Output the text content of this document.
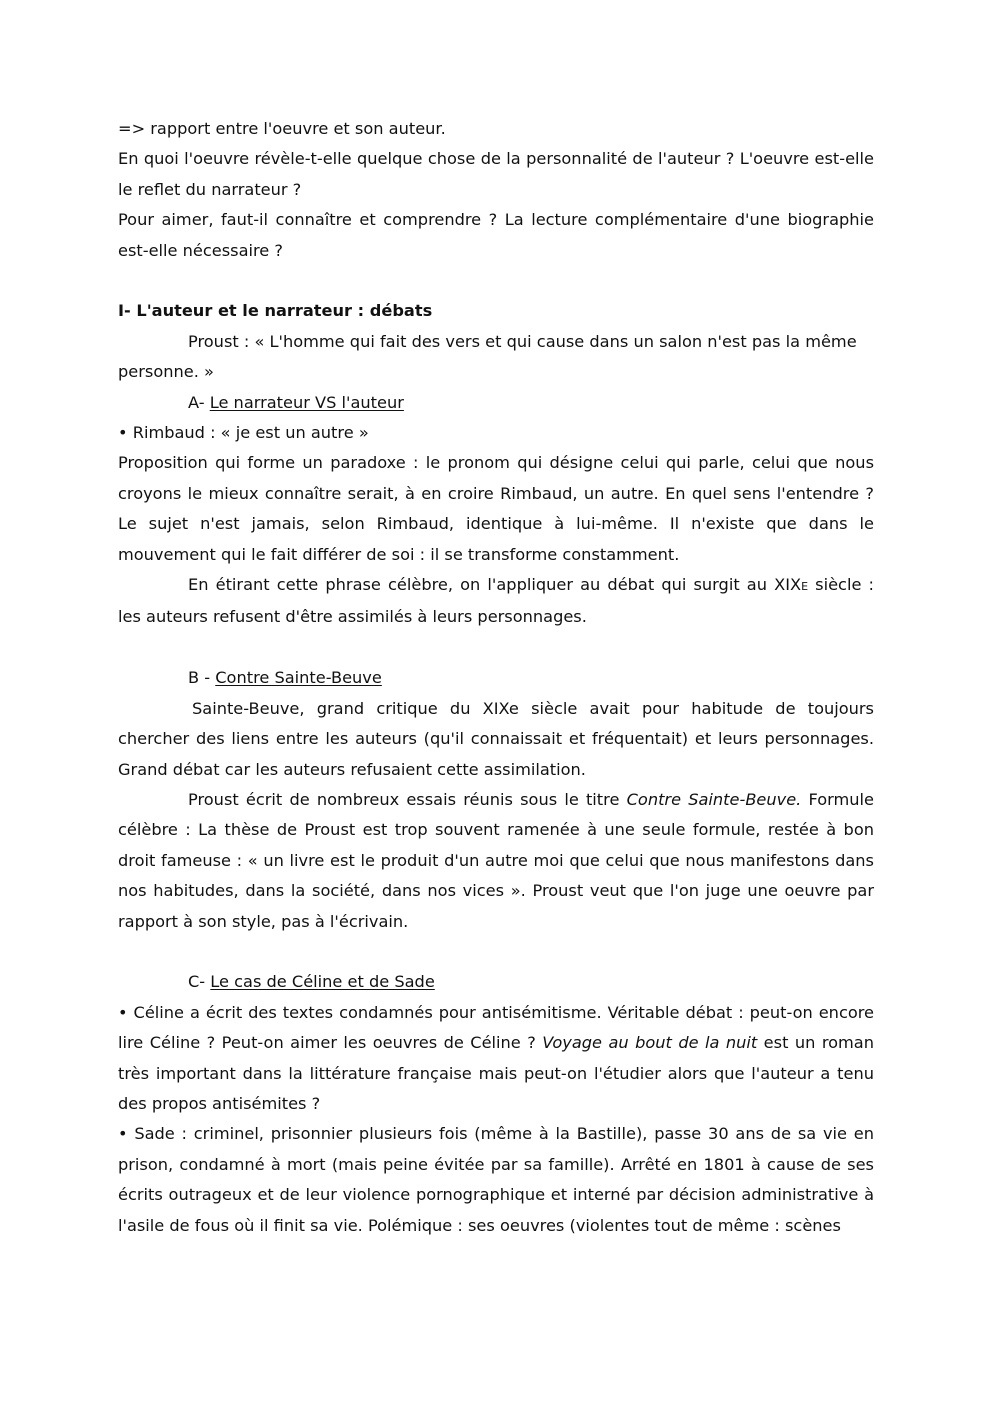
=> rapport entre l'oeuvre et son auteur.

En quoi l'oeuvre révèle-t-elle quelque chose de la personnalité de l'auteur ? L'oeuvre est-elle le reflet du narrateur ?

Pour aimer, faut-il connaître et comprendre ? La lecture complémentaire d'une biographie est-elle nécessaire ?

I- L'auteur et le narrateur : débats

Proust : « L'homme qui fait des vers et qui cause dans un salon n'est pas la même personne. »

A- Le narrateur VS l'auteur

• Rimbaud : « je est un autre »

Proposition qui forme un paradoxe : le pronom qui désigne celui qui parle, celui que nous croyons le mieux connaître serait, à en croire Rimbaud, un autre. En quel sens l'entendre ? Le sujet n'est jamais, selon Rimbaud, identique à lui-même. Il n'existe que dans le mouvement qui le fait différer de soi : il se transforme constamment.

En étirant cette phrase célèbre, on l'appliquer au débat qui surgit au XIXE siècle : les auteurs refusent d'être assimilés à leurs personnages.

B - Contre Sainte-Beuve

Sainte-Beuve, grand critique du XIXe siècle avait pour habitude de toujours chercher des liens entre les auteurs (qu'il connaissait et fréquentait) et leurs personnages. Grand débat car les auteurs refusaient cette assimilation.

Proust écrit de nombreux essais réunis sous le titre Contre Sainte-Beuve. Formule célèbre : La thèse de Proust est trop souvent ramenée à une seule formule, restée à bon droit fameuse : « un livre est le produit d'un autre moi que celui que nous manifestons dans nos habitudes, dans la société, dans nos vices ». Proust veut que l'on juge une oeuvre par rapport à son style, pas à l'écrivain.

C- Le cas de Céline et de Sade

• Céline a écrit des textes condamnés pour antisémitisme. Véritable débat : peut-on encore lire Céline ? Peut-on aimer les oeuvres de Céline ? Voyage au bout de la nuit est un roman très important dans la littérature française mais peut-on l'étudier alors que l'auteur a tenu des propos antisémites ?

• Sade : criminel, prisonnier plusieurs fois (même à la Bastille), passe 30 ans de sa vie en prison, condamné à mort (mais peine évitée par sa famille). Arrêté en 1801 à cause de ses écrits outrageux et de leur violence pornographique et interné par décision administrative à l'asile de fous où il finit sa vie. Polémique : ses oeuvres (violentes tout de même : scènes
